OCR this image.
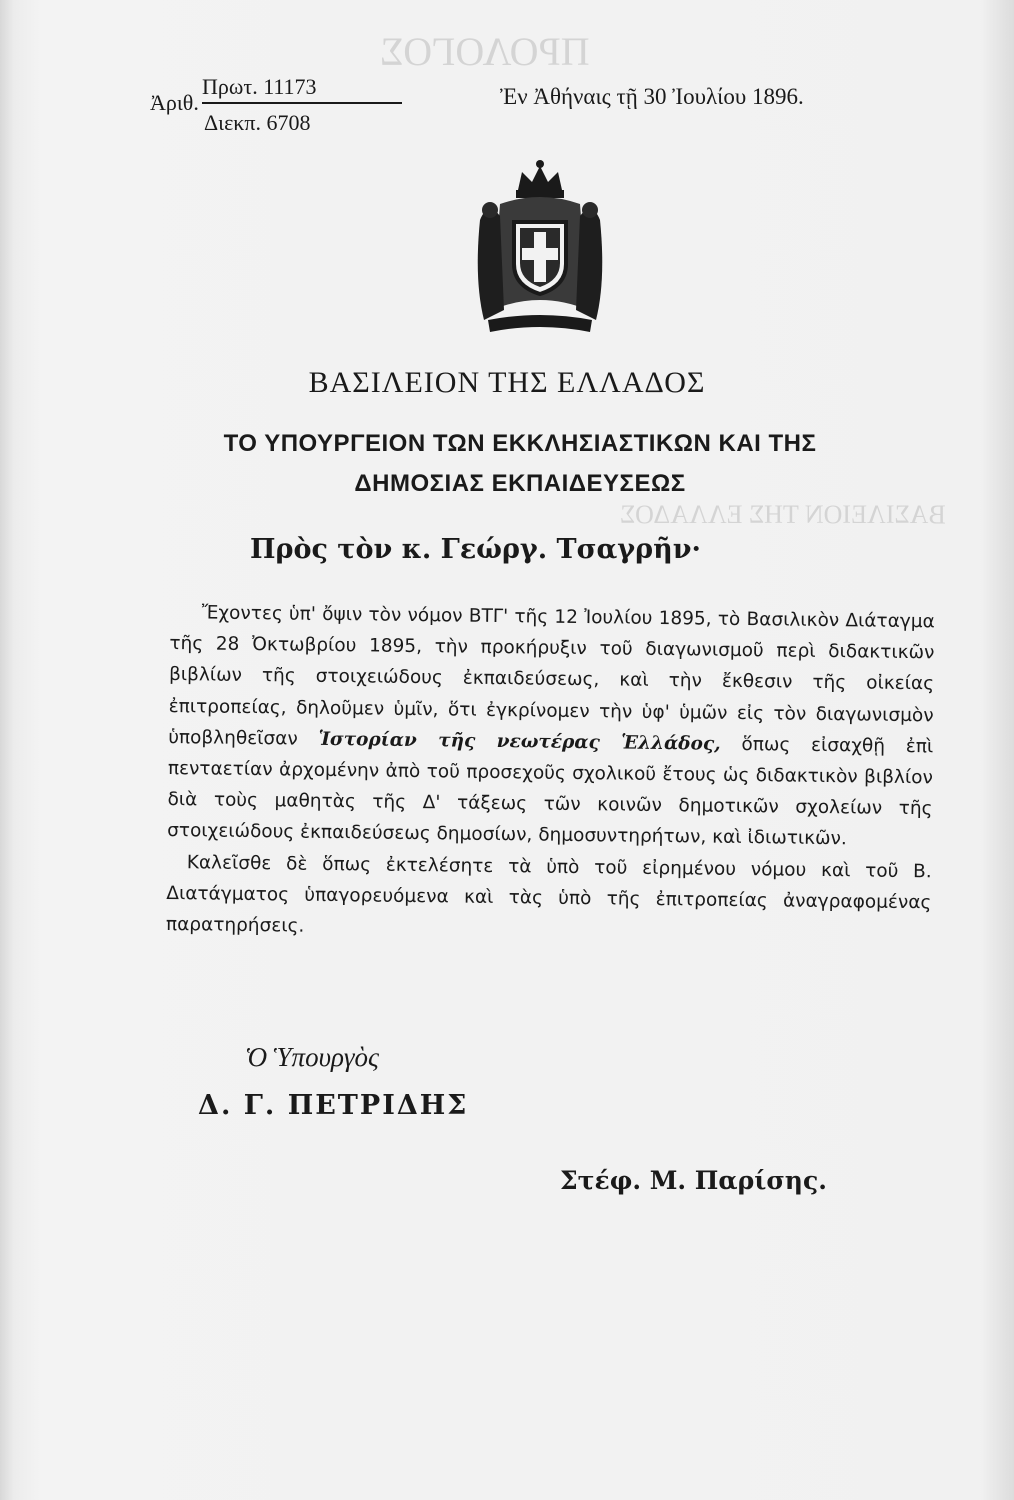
ΠΡΟΛΟΓΟΣ
ΒΑΣΙΛΕΙΟΝ ΤΗΣ ΕΛΛΑΔΟΣ
Ἀριθ.
Πρωτ. 11173
Διεκπ. 6708
Ἐν Ἀθήναις τῇ 30 Ἰουλίου 1896.
ΒΑΣΙΛΕΙΟΝ ΤΗΣ ΕΛΛΑΔΟΣ
ΤΟ ΥΠΟΥΡΓΕΙΟΝ ΤΩΝ ΕΚΚΛΗΣΙΑΣΤΙΚΩΝ ΚΑΙ ΤΗΣ
ΔΗΜΟΣΙΑΣ ΕΚΠΑΙΔΕΥΣΕΩΣ
Πρὸς τὸν κ. Γεώργ. Τσαγρῆν·

Ἔχοντες ὑπ' ὄψιν τὸν νόμον ΒΤΓ' τῆς 12 Ἰουλίου 1895, τὸ Βασιλικὸν Διάταγμα τῆς 28 Ὀκτωβρίου 1895, τὴν προκήρυξιν τοῦ διαγωνισμοῦ περὶ διδακτικῶν βιβλίων τῆς στοιχειώδους ἐκπαιδεύσεως, καὶ τὴν ἔκθεσιν τῆς οἰκείας ἐπιτροπείας, δηλοῦμεν ὑμῖν, ὅτι ἐγκρίνομεν τὴν ὑφ' ὑμῶν εἰς τὸν διαγωνισμὸν ὑποβληθεῖσαν Ἱστορίαν τῆς νεωτέρας Ἑλλάδος, ὅπως εἰσαχθῇ ἐπὶ πενταετίαν ἀρχομένην ἀπὸ τοῦ προσεχοῦς σχολικοῦ ἔτους ὡς διδακτικὸν βιβλίον διὰ τοὺς μαθητὰς τῆς Δ' τάξεως τῶν κοινῶν δημοτικῶν σχολείων τῆς στοιχειώδους ἐκπαιδεύσεως δημοσίων, δημοσυντηρήτων, καὶ ἰδιωτικῶν.

Καλεῖσθε δὲ ὅπως ἐκτελέσητε τὰ ὑπὸ τοῦ εἰρημένου νόμου καὶ τοῦ Β. Διατάγματος ὑπαγορευόμενα καὶ τὰς ὑπὸ τῆς ἐπιτροπείας ἀναγραφομένας παρατηρήσεις.

Ὁ Ὑπουργὸς
Δ. Γ. ΠΕΤΡΙΔΗΣ
Στέφ. Μ. Παρίσης.
